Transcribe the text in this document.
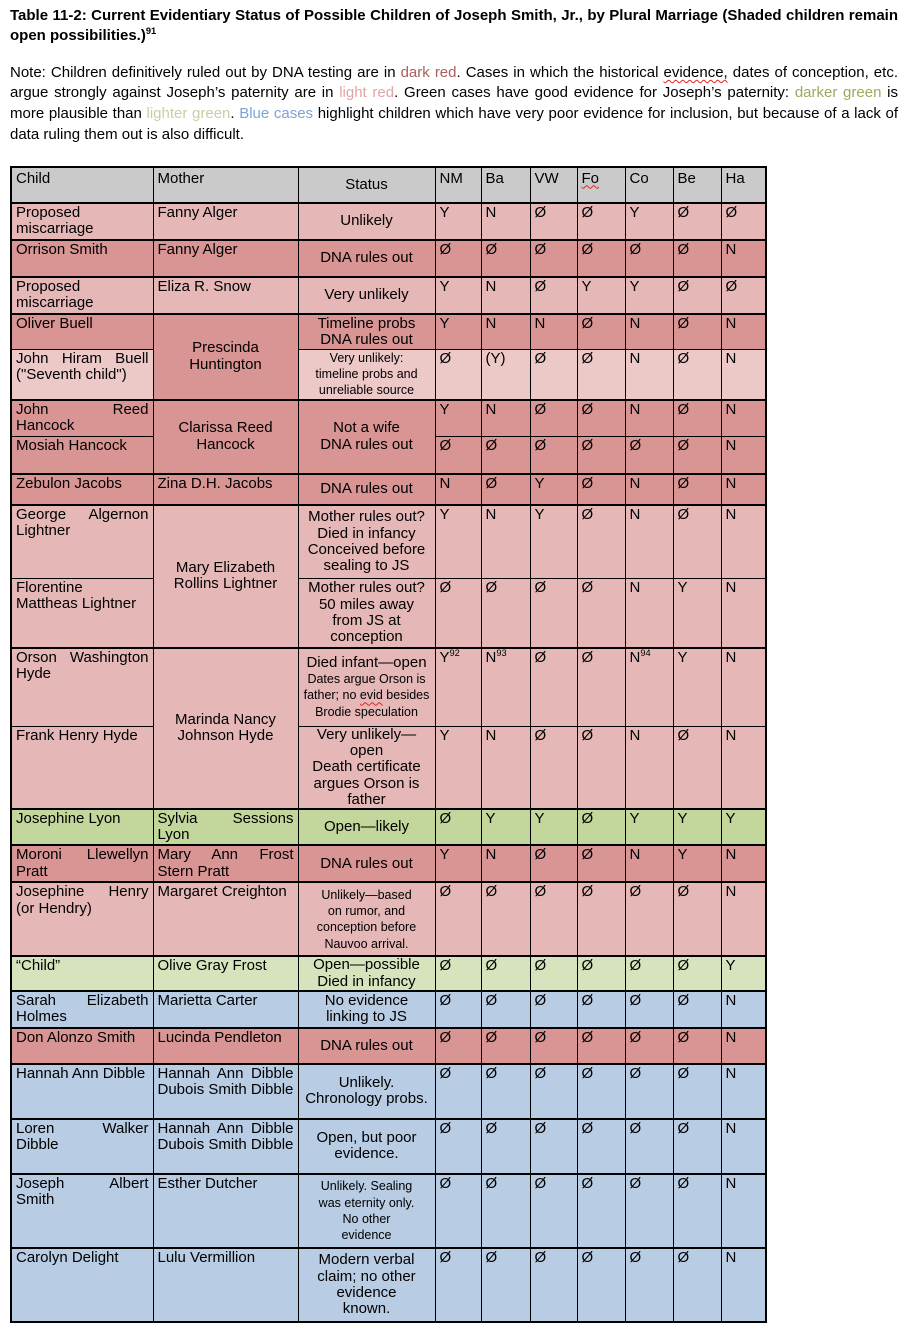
Table 11-2: Current Evidentiary Status of Possible Children of Joseph Smith, Jr., by Plural Marriage (Shaded children remain open possibilities.)$^{91}$

Note: Children definitively ruled out by DNA testing are in dark red. Cases in which the historical evidence, dates of conception, etc. argue strongly against Joseph’s paternity are in light red. Green cases have good evidence for Joseph’s paternity: darker green is more plausible than lighter green. Blue cases highlight children which have very poor evidence for inclusion, but because of a lack of data ruling them out is also difficult.

Child	Mother	Status	NM	Ba	VW	Fo	Co	Be	Ha
Proposed miscarriage	Fanny Alger	Unlikely	Y	N	Ø	Ø	Y	Ø	Ø
Orrison Smith	Fanny Alger	DNA rules out	Ø	Ø	Ø	Ø	Ø	Ø	N
Proposed miscarriage	Eliza R. Snow	Very unlikely	Y	N	Ø	Y	Y	Ø	Ø
Oliver Buell	Prescinda Huntington	Timeline probs
DNA rules out	Y	N	N	Ø	N	Ø	N
John Hiram Buell ("Seventh child")		Very unlikely:
timeline probs and
unreliable source	Ø	(Y)	Ø	Ø	N	Ø	N
John Reed Hancock	Clarissa Reed Hancock	Not a wife
DNA rules out	Y	N	Ø	Ø	N	Ø	N
Mosiah Hancock			Ø	Ø	Ø	Ø	Ø	Ø	N
Zebulon Jacobs	Zina D.H. Jacobs	DNA rules out	N	Ø	Y	Ø	N	Ø	N
George Algernon Lightner	Mary Elizabeth Rollins Lightner	Mother rules out?
Died in infancy
Conceived before
sealing to JS	Y	N	Y	Ø	N	Ø	N
Florentine Mattheas Lightner		Mother rules out?
50 miles away
from JS at
conception	Ø	Ø	Ø	Ø	N	Y	N
Orson Washington Hyde	Marinda Nancy Johnson Hyde	Died infant—open
Dates argue Orson is father; no evid besides Brodie speculation	$Y^{92}$	$N^{93}$	Ø	Ø	$N^{94}$	Y	N
Frank Henry Hyde		Very unlikely—
open
Death certificate argues Orson is father	Y	N	Ø	Ø	N	Ø	N
Josephine Lyon	Sylvia Sessions Lyon	Open—likely	Ø	Y	Y	Ø	Y	Y	Y
Moroni Llewellyn Pratt	Mary Ann Frost Stern Pratt	DNA rules out	Y	N	Ø	Ø	N	Y	N
Josephine Henry (or Hendry)	Margaret Creighton	Unlikely—based
on rumor, and
conception before
Nauvoo arrival.	Ø	Ø	Ø	Ø	Ø	Ø	N
“Child”	Olive Gray Frost	Open—possible
Died in infancy	Ø	Ø	Ø	Ø	Ø	Ø	Y
Sarah Elizabeth Holmes	Marietta Carter	No evidence
linking to JS	Ø	Ø	Ø	Ø	Ø	Ø	N
Don Alonzo Smith	Lucinda Pendleton	DNA rules out	Ø	Ø	Ø	Ø	Ø	Ø	N
Hannah Ann Dibble	Hannah Ann Dibble Dubois Smith Dibble	Unlikely.
Chronology probs.	Ø	Ø	Ø	Ø	Ø	Ø	N
Loren Walker Dibble	Hannah Ann Dibble Dubois Smith Dibble	Open, but poor
evidence.	Ø	Ø	Ø	Ø	Ø	Ø	N
Joseph Albert Smith	Esther Dutcher	Unlikely. Sealing
was eternity only.
No other
evidence	Ø	Ø	Ø	Ø	Ø	Ø	N
Carolyn Delight	Lulu Vermillion	Modern verbal
claim; no other
evidence
known.	Ø	Ø	Ø	Ø	Ø	Ø	N
